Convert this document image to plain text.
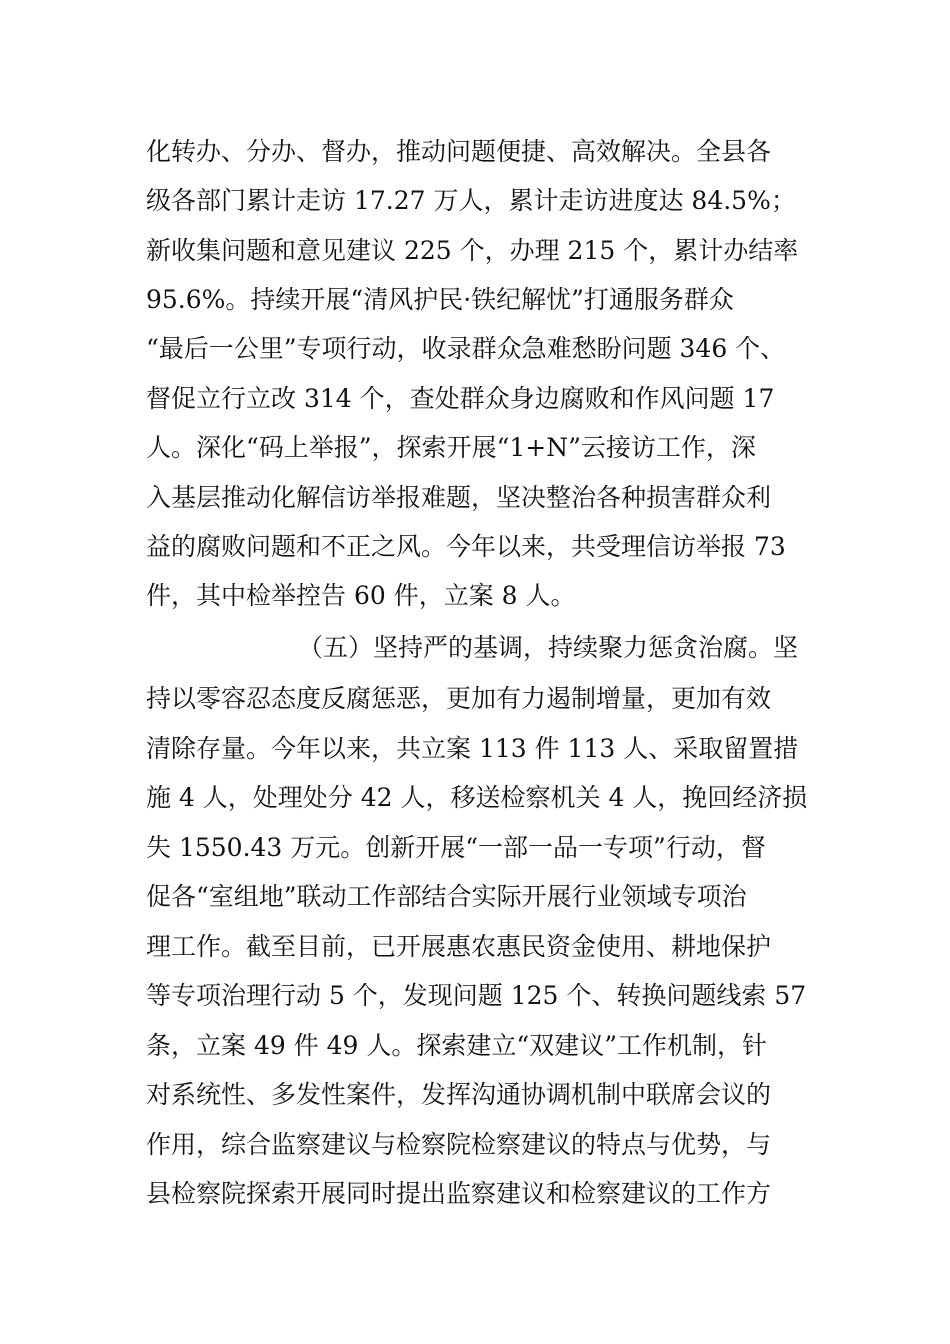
化转办、分办、督办，推动问题便捷、高效解决。全县各
级各部门累计走访 17.27 万人，累计走访进度达 84.5%；
新收集问题和意见建议 225 个，办理 215 个，累计办结率
95.6%。持续开展“清风护民·铁纪解忧”打通服务群众
“最后一公里”专项行动，收录群众急难愁盼问题 346 个、
督促立行立改 314 个，查处群众身边腐败和作风问题 17
人。深化“码上举报”，探索开展“1+N”云接访工作，深
入基层推动化解信访举报难题，坚决整治各种损害群众利
益的腐败问题和不正之风。今年以来，共受理信访举报 73
件，其中检举控告 60 件，立案 8 人。
（五）坚持严的基调，持续聚力惩贪治腐。坚
持以零容忍态度反腐惩恶，更加有力遏制增量，更加有效
清除存量。今年以来，共立案 113 件 113 人、采取留置措
施 4 人，处理处分 42 人，移送检察机关 4 人，挽回经济损
失 1550.43 万元。创新开展“一部一品一专项”行动，督
促各“室组地”联动工作部结合实际开展行业领域专项治
理工作。截至目前，已开展惠农惠民资金使用、耕地保护
等专项治理行动 5 个，发现问题 125 个、转换问题线索 57
条，立案 49 件 49 人。探索建立“双建议”工作机制，针
对系统性、多发性案件，发挥沟通协调机制中联席会议的
作用，综合监察建议与检察院检察建议的特点与优势，与
县检察院探索开展同时提出监察建议和检察建议的工作方
